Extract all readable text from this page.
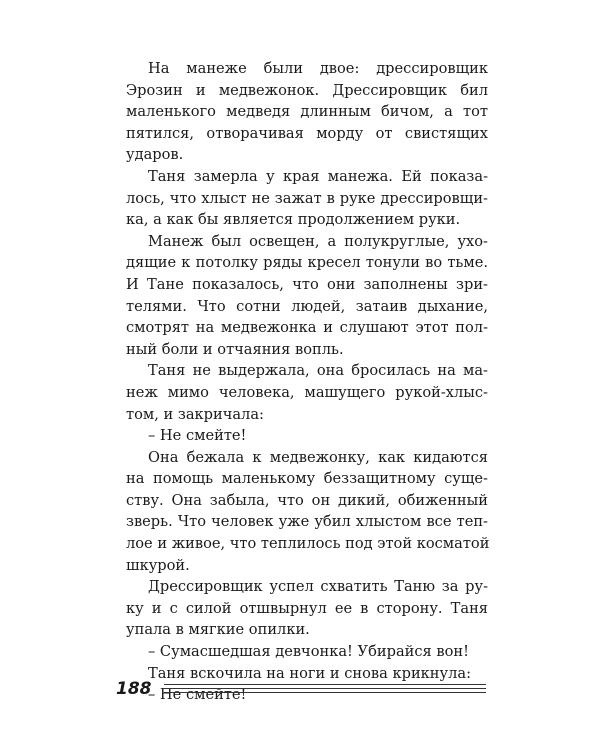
На манеже были двое: дрессировщик
Эрозин и медвежонок. Дрессировщик бил
маленького медведя длинным бичом, а тот
пятился, отворачивая морду от свистящих
ударов.
Таня замерла у края манежа. Ей показа-
лось, что хлыст не зажат в руке дрессировщи-
ка, а как бы является продолжением руки.
Манеж был освещен, а полукруглые, ухо-
дящие к потолку ряды кресел тонули во тьме.
И Тане показалось, что они заполнены зри-
телями. Что сотни людей, затаив дыхание,
смотрят на медвежонка и слушают этот пол-
ный боли и отчаяния вопль.
Таня не выдержала, она бросилась на ма-
неж мимо человека, машущего рукой-хлыс-
том, и закричала:
– Не смейте!
Она бежала к медвежонку, как кидаются
на помощь маленькому беззащитному суще-
ству. Она забыла, что он дикий, обиженный
зверь. Что человек уже убил хлыстом все теп-
лое и живое, что теплилось под этой косматой
шкурой.
Дрессировщик успел схватить Таню за ру-
ку и с силой отшвырнул ее в сторону. Таня
упала в мягкие опилки.
– Сумасшедшая девчонка! Убирайся вон!
Таня вскочила на ноги и снова крикнула:
– Не смейте!
188
